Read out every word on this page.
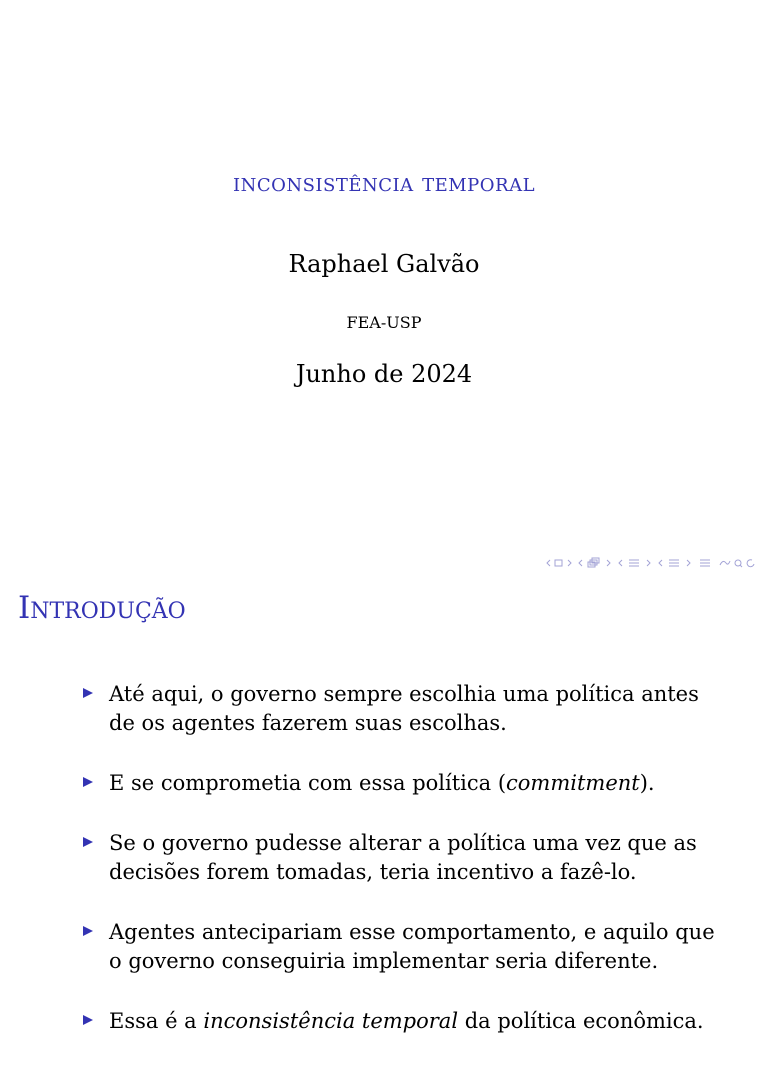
inconsistência temporal
Raphael Galvão
FEA-USP
Junho de 2024
Introdução
Até aqui, o governo sempre escolhia uma política antes de os agentes fazerem suas escolhas.
E se comprometia com essa política (commitment).
Se o governo pudesse alterar a política uma vez que as decisões forem tomadas, teria incentivo a fazê-lo.
Agentes antecipariam esse comportamento, e aquilo que o governo conseguiria implementar seria diferente.
Essa é a inconsistência temporal da política econômica.
